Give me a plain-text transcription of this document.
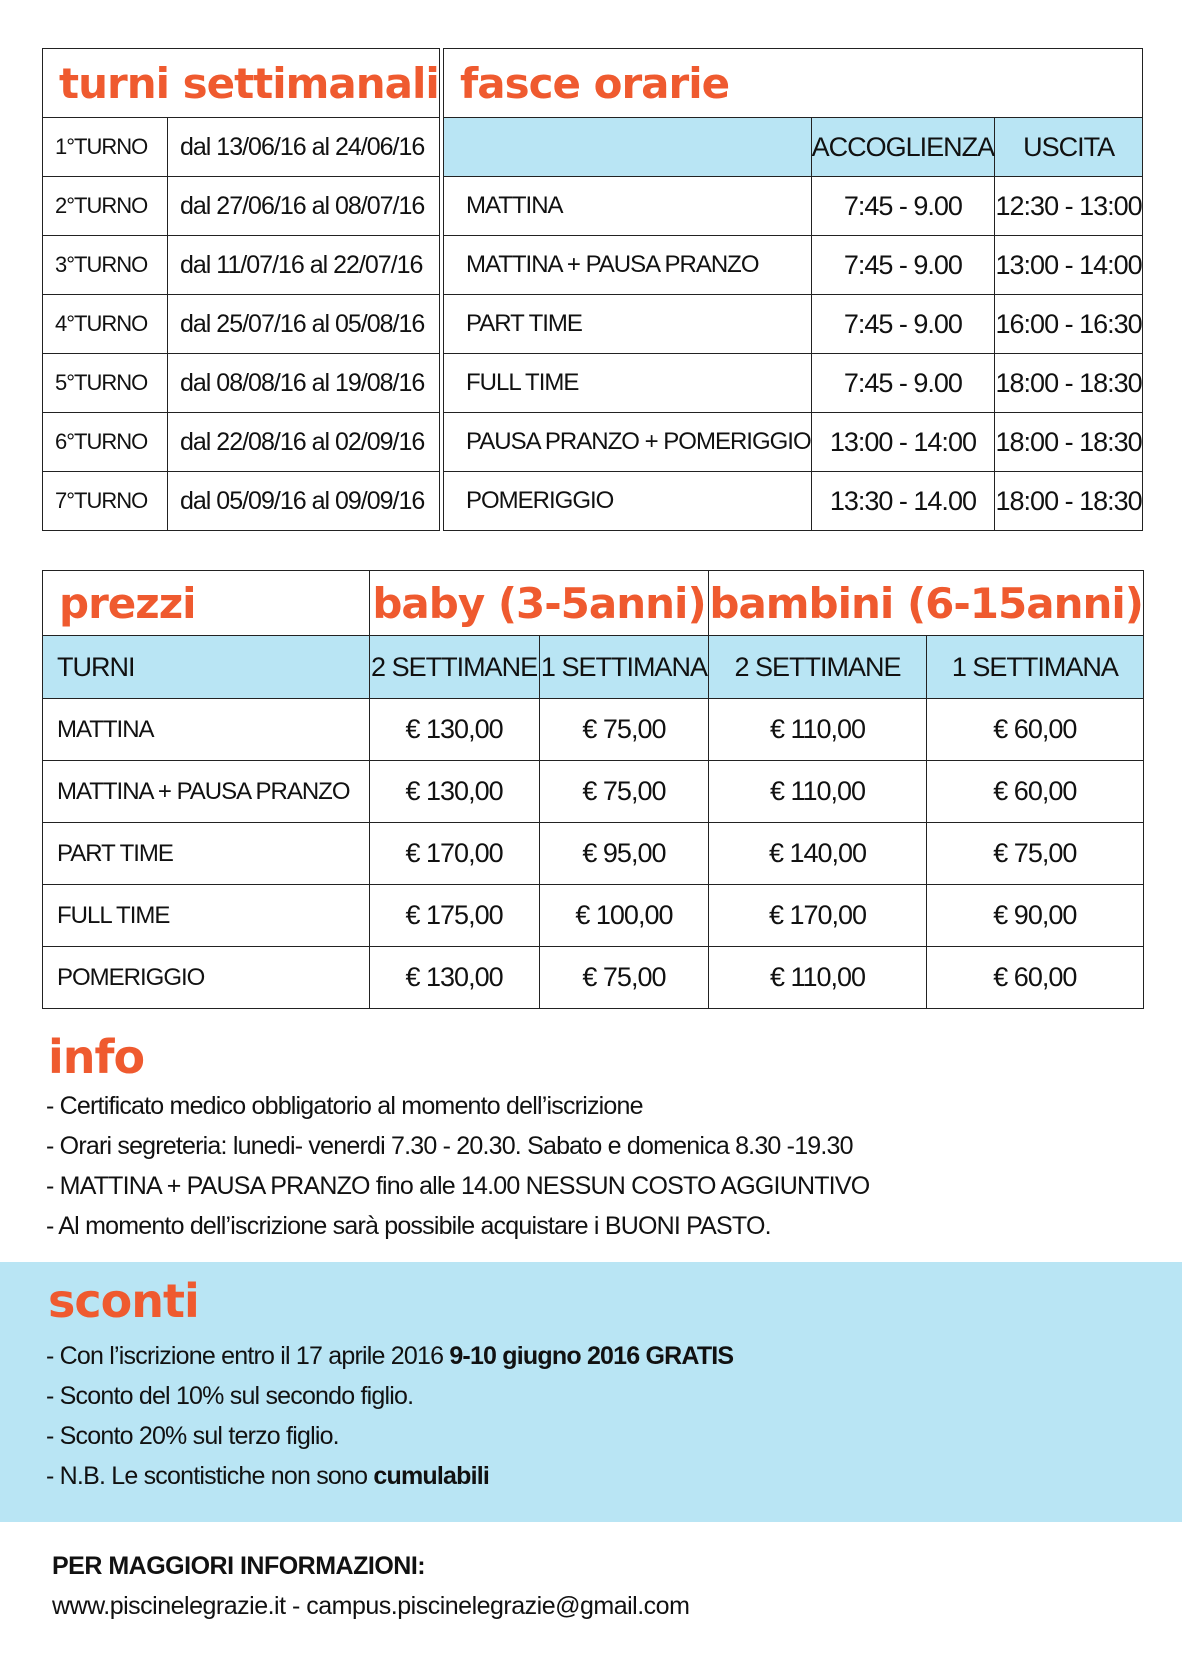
turni settimanali	
1°TURNO	dal 13/06/16 al 24/06/16
2°TURNO	dal 27/06/16 al 08/07/16
3°TURNO	dal 11/07/16 al 22/07/16
4°TURNO	dal 25/07/16 al 05/08/16
5°TURNO	dal 08/08/16 al 19/08/16
6°TURNO	dal 22/08/16 al 02/09/16
7°TURNO	dal 05/09/16 al 09/09/16
fasce orarie		
	ACCOGLIENZA	USCITA
MATTINA	7:45 - 9.00	12:30 - 13:00
MATTINA + PAUSA PRANZO	7:45 - 9.00	13:00 - 14:00
PART TIME	7:45 - 9.00	16:00 - 16:30
FULL TIME	7:45 - 9.00	18:00 - 18:30
PAUSA PRANZO + POMERIGGIO	13:00 - 14:00	18:00 - 18:30
POMERIGGIO	13:30 - 14.00	18:00 - 18:30
prezzi	baby (3-5anni)		bambini (6-15anni)	
TURNI	2 SETTIMANE	1 SETTIMANA	2 SETTIMANE	1 SETTIMANA
MATTINA	€ 130,00	€ 75,00	€ 110,00	€ 60,00
MATTINA + PAUSA PRANZO	€ 130,00	€ 75,00	€ 110,00	€ 60,00
PART TIME	€ 170,00	€ 95,00	€ 140,00	€ 75,00
FULL TIME	€ 175,00	€ 100,00	€ 170,00	€ 90,00
POMERIGGIO	€ 130,00	€ 75,00	€ 110,00	€ 60,00
info
- Certificato medico obbligatorio al momento dell’iscrizione
- Orari segreteria: lunedi- venerdi 7.30 - 20.30. Sabato e domenica 8.30 -19.30
- MATTINA + PAUSA PRANZO fino alle 14.00 NESSUN COSTO AGGIUNTIVO
- Al momento dell’iscrizione sarà possibile acquistare i BUONI PASTO.
sconti
- Con l’iscrizione entro il 17 aprile 2016 9-10 giugno 2016 GRATIS
- Sconto del 10% sul secondo figlio.
- Sconto 20% sul terzo figlio.
- N.B. Le scontistiche non sono cumulabili
PER MAGGIORI INFORMAZIONI:
www.piscinelegrazie.it - campus.piscinelegrazie@gmail.com
